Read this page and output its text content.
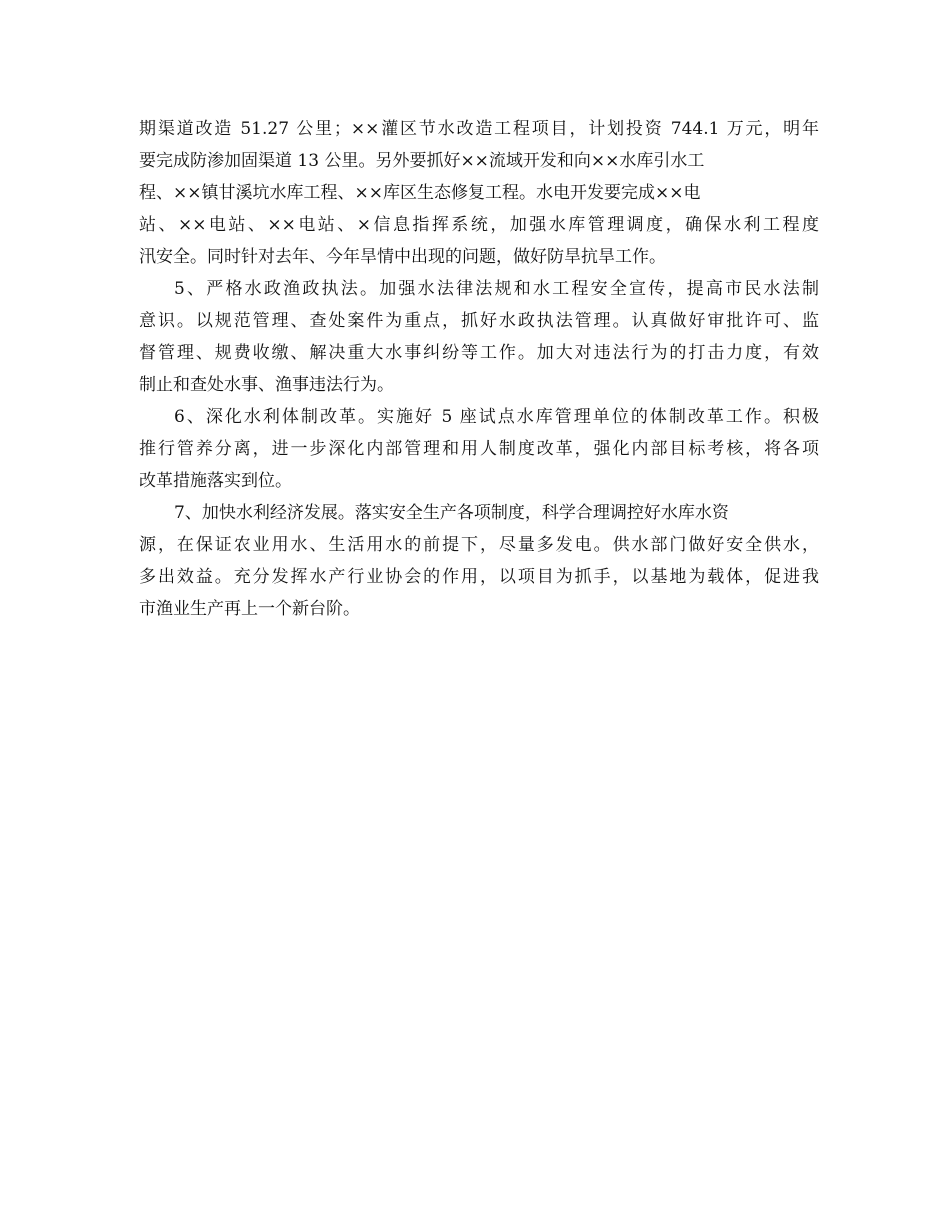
期渠道改造 51.27 公里；××灌区节水改造工程项目，计划投资 744.1 万元，明年
要完成防渗加固渠道 13 公里。另外要抓好××流域开发和向××水库引水工
程、××镇甘溪坑水库工程、××库区生态修复工程。水电开发要完成××电
站、××电站、××电站、×信息指挥系统，加强水库管理调度，确保水利工程度
汛安全。同时针对去年、今年旱情中出现的问题，做好防旱抗旱工作。
5、严格水政渔政执法。加强水法律法规和水工程安全宣传，提高市民水法制
意识。以规范管理、查处案件为重点，抓好水政执法管理。认真做好审批许可、监
督管理、规费收缴、解决重大水事纠纷等工作。加大对违法行为的打击力度，有效
制止和查处水事、渔事违法行为。
6、深化水利体制改革。实施好 5 座试点水库管理单位的体制改革工作。积极
推行管养分离，进一步深化内部管理和用人制度改革，强化内部目标考核，将各项
改革措施落实到位。
7、加快水利经济发展。落实安全生产各项制度，科学合理调控好水库水资
源，在保证农业用水、生活用水的前提下，尽量多发电。供水部门做好安全供水，
多出效益。充分发挥水产行业协会的作用，以项目为抓手，以基地为载体，促进我
市渔业生产再上一个新台阶。
